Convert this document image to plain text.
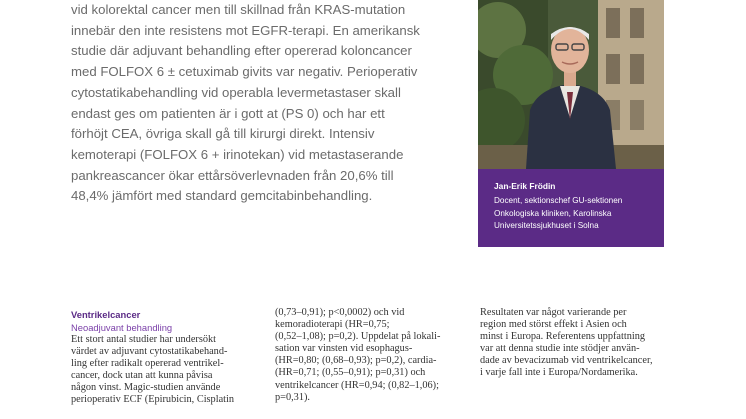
vid kolorektal cancer men till skillnad från KRAS-mutation
innebär den inte resistens mot EGFR-terapi. En amerikansk
studie där adjuvant behandling efter opererad koloncancer
med FOLFOX 6 ± cetuximab givits var negativ. Perioperativ
cytostatikabehandling vid operabla levermetastaser skall
endast ges om patienten är i gott at (PS 0) och har ett
förhöjt CEA, övriga skall gå till kirurgi direkt. Intensiv
kemoterapi (FOLFOX 6 + irinotekan) vid metastaserande
pankreascancer ökar ettårsöverlevnaden från 20,6% till
48,4% jämfört med standard gemcitabinbehandling.
Jan-Erik Frödin
Docent, sektionschef GU-sektionen
Onkologiska kliniken, Karolinska
Universitetssjukhuset i Solna
Ventrikelcancer
Neoadjuvant behandling
Ett stort antal studier har undersökt
värdet av adjuvant cytostatikabehand-
ling efter radikalt opererad ventrikel-
cancer, dock utan att kunna påvisa
någon vinst. Magic-studien använde
perioperativ ECF (Epirubicin, Cisplatin
(0,73–0,91); p<0,0002) och vid
kemoradioterapi (HR=0,75;
(0,52–1,08); p=0,2). Uppdelat på lokali-
sation var vinsten vid esophagus-
(HR=0,80; (0,68–0,93); p=0,2), cardia-
(HR=0,71; (0,55–0,91); p=0,31) och
ventrikelcancer (HR=0,94; (0,82–1,06);
p=0,31).
Resultaten var något varierande per
region med störst effekt i Asien och
minst i Europa. Referentens uppfattning
var att denna studie inte stödjer använ-
dade av bevacizumab vid ventrikelcancer,
i varje fall inte i Europa/Nordamerika.
